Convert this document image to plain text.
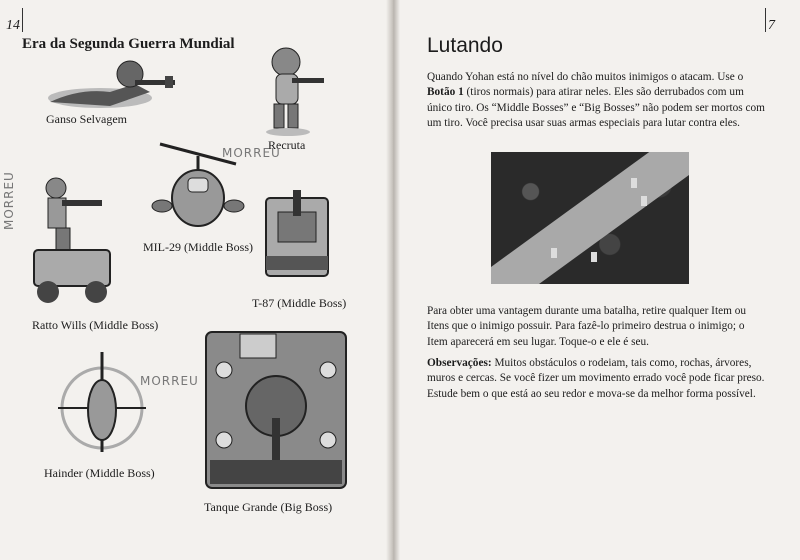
14
Era da Segunda Guerra Mundial
Ganso Selvagem
Recruta
MORREU
MIL-29 (Middle Boss)
MORREU
Ratto Wills (Middle Boss)
T-87 (Middle Boss)
MORREU
Hainder (Middle Boss)
Tanque Grande (Big Boss)
7
Lutando
Quando Yohan está no nível do chão muitos inimigos o atacam. Use o Botão 1 (tiros normais) para atirar neles. Eles são derrubados com um único tiro. Os “Middle Bosses” e “Big Bosses” não podem ser mortos com um tiro. Você precisa usar suas armas especiais para lutar contra eles.
Para obter uma vantagem durante uma batalha, retire qualquer Item ou Itens que o inimigo possuir. Para fazê-lo primeiro destrua o inimigo; o Item aparecerá em seu lugar. Toque-o e ele é seu.
Observações: Muitos obstáculos o rodeiam, tais como, rochas, árvores, muros e cercas. Se você fizer um movimento errado você pode ficar preso. Estude bem o que está ao seu redor e mova-se da melhor forma possível.
